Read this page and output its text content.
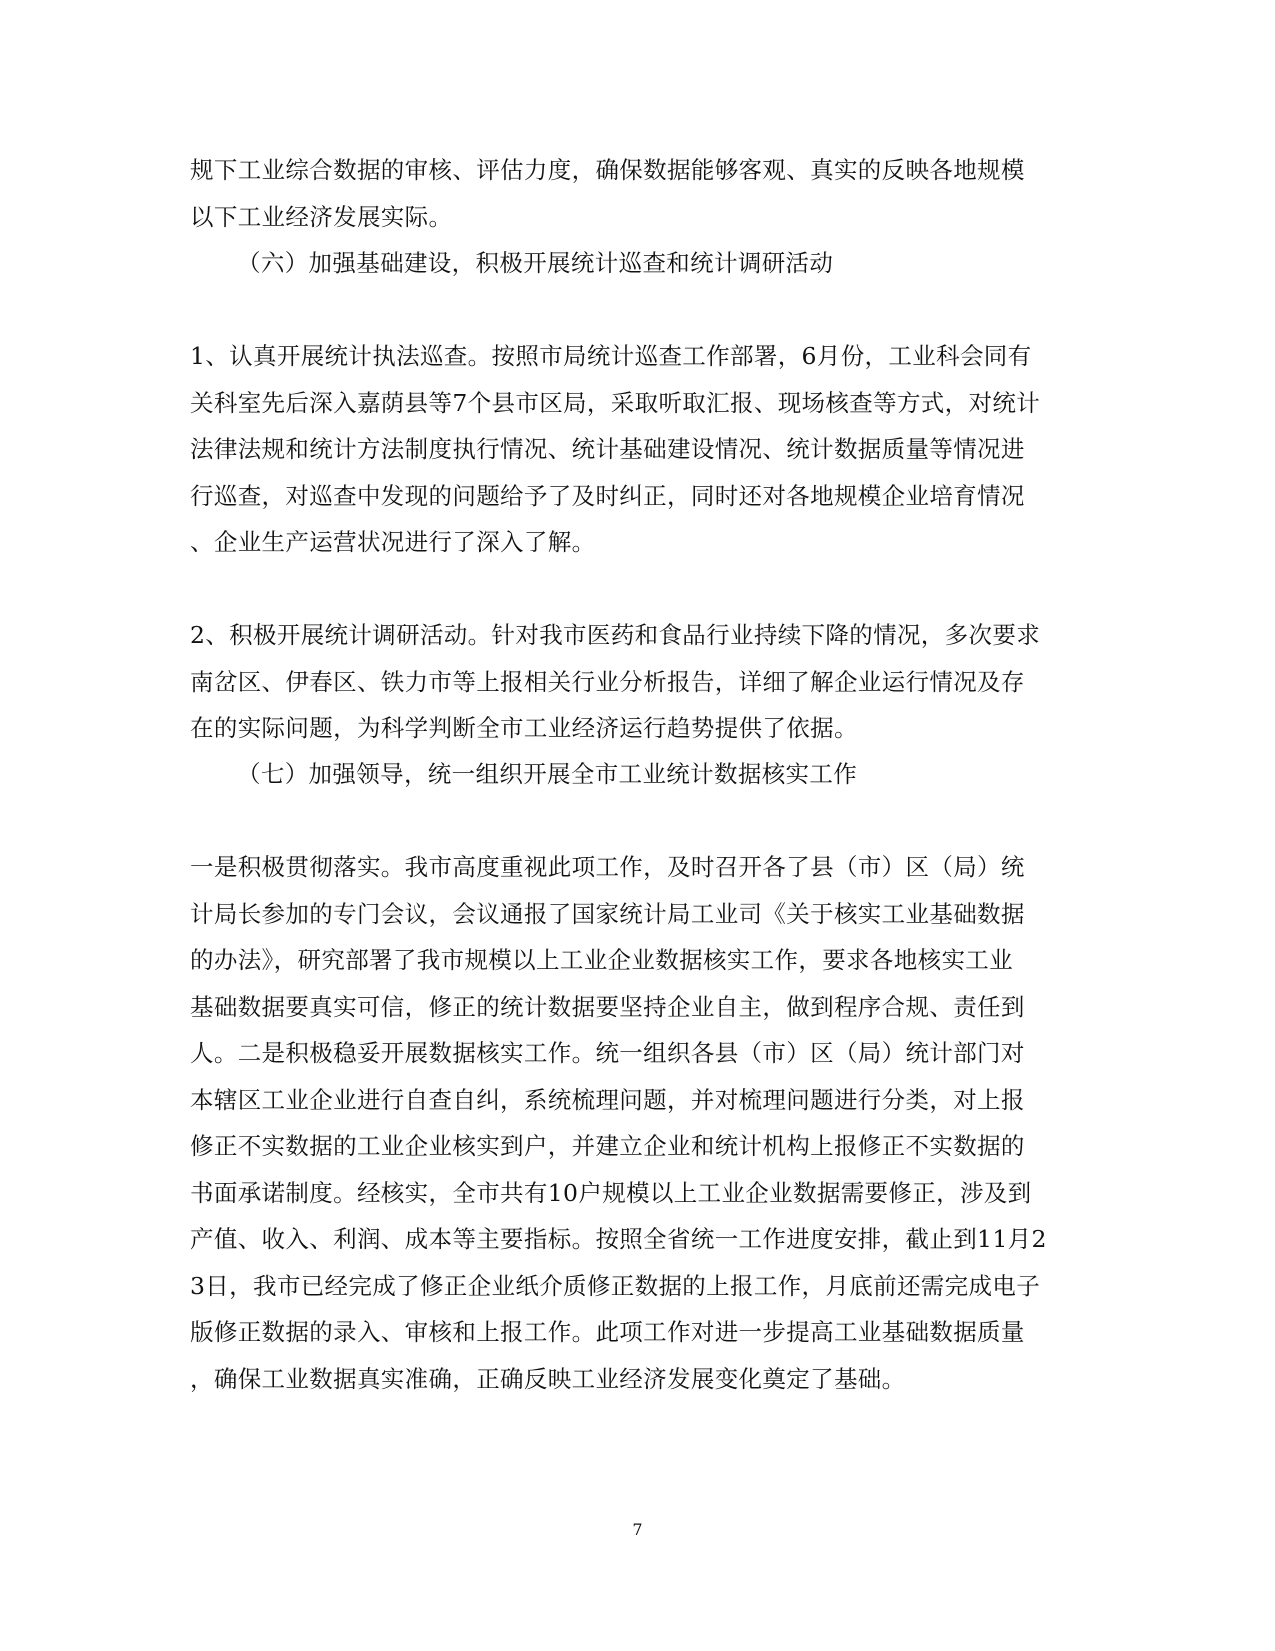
规下工业综合数据的审核、评估力度，确保数据能够客观、真实的反映各地规模
以下工业经济发展实际。
（六）加强基础建设，积极开展统计巡查和统计调研活动
1、认真开展统计执法巡查。按照市局统计巡查工作部署，6月份，工业科会同有
关科室先后深入嘉荫县等7个县市区局，采取听取汇报、现场核查等方式，对统计
法律法规和统计方法制度执行情况、统计基础建设情况、统计数据质量等情况进
行巡查，对巡查中发现的问题给予了及时纠正，同时还对各地规模企业培育情况
、企业生产运营状况进行了深入了解。
2、积极开展统计调研活动。针对我市医药和食品行业持续下降的情况，多次要求
南岔区、伊春区、铁力市等上报相关行业分析报告，详细了解企业运行情况及存
在的实际问题，为科学判断全市工业经济运行趋势提供了依据。
（七）加强领导，统一组织开展全市工业统计数据核实工作
一是积极贯彻落实。我市高度重视此项工作，及时召开各了县（市）区（局）统
计局长参加的专门会议，会议通报了国家统计局工业司《关于核实工业基础数据
的办法》，研究部署了我市规模以上工业企业数据核实工作，要求各地核实工业
基础数据要真实可信，修正的统计数据要坚持企业自主，做到程序合规、责任到
人。二是积极稳妥开展数据核实工作。统一组织各县（市）区（局）统计部门对
本辖区工业企业进行自查自纠，系统梳理问题，并对梳理问题进行分类，对上报
修正不实数据的工业企业核实到户，并建立企业和统计机构上报修正不实数据的
书面承诺制度。经核实，全市共有10户规模以上工业企业数据需要修正，涉及到
产值、收入、利润、成本等主要指标。按照全省统一工作进度安排，截止到11月2
3日，我市已经完成了修正企业纸介质修正数据的上报工作，月底前还需完成电子
版修正数据的录入、审核和上报工作。此项工作对进一步提高工业基础数据质量
，确保工业数据真实准确，正确反映工业经济发展变化奠定了基础。
7
